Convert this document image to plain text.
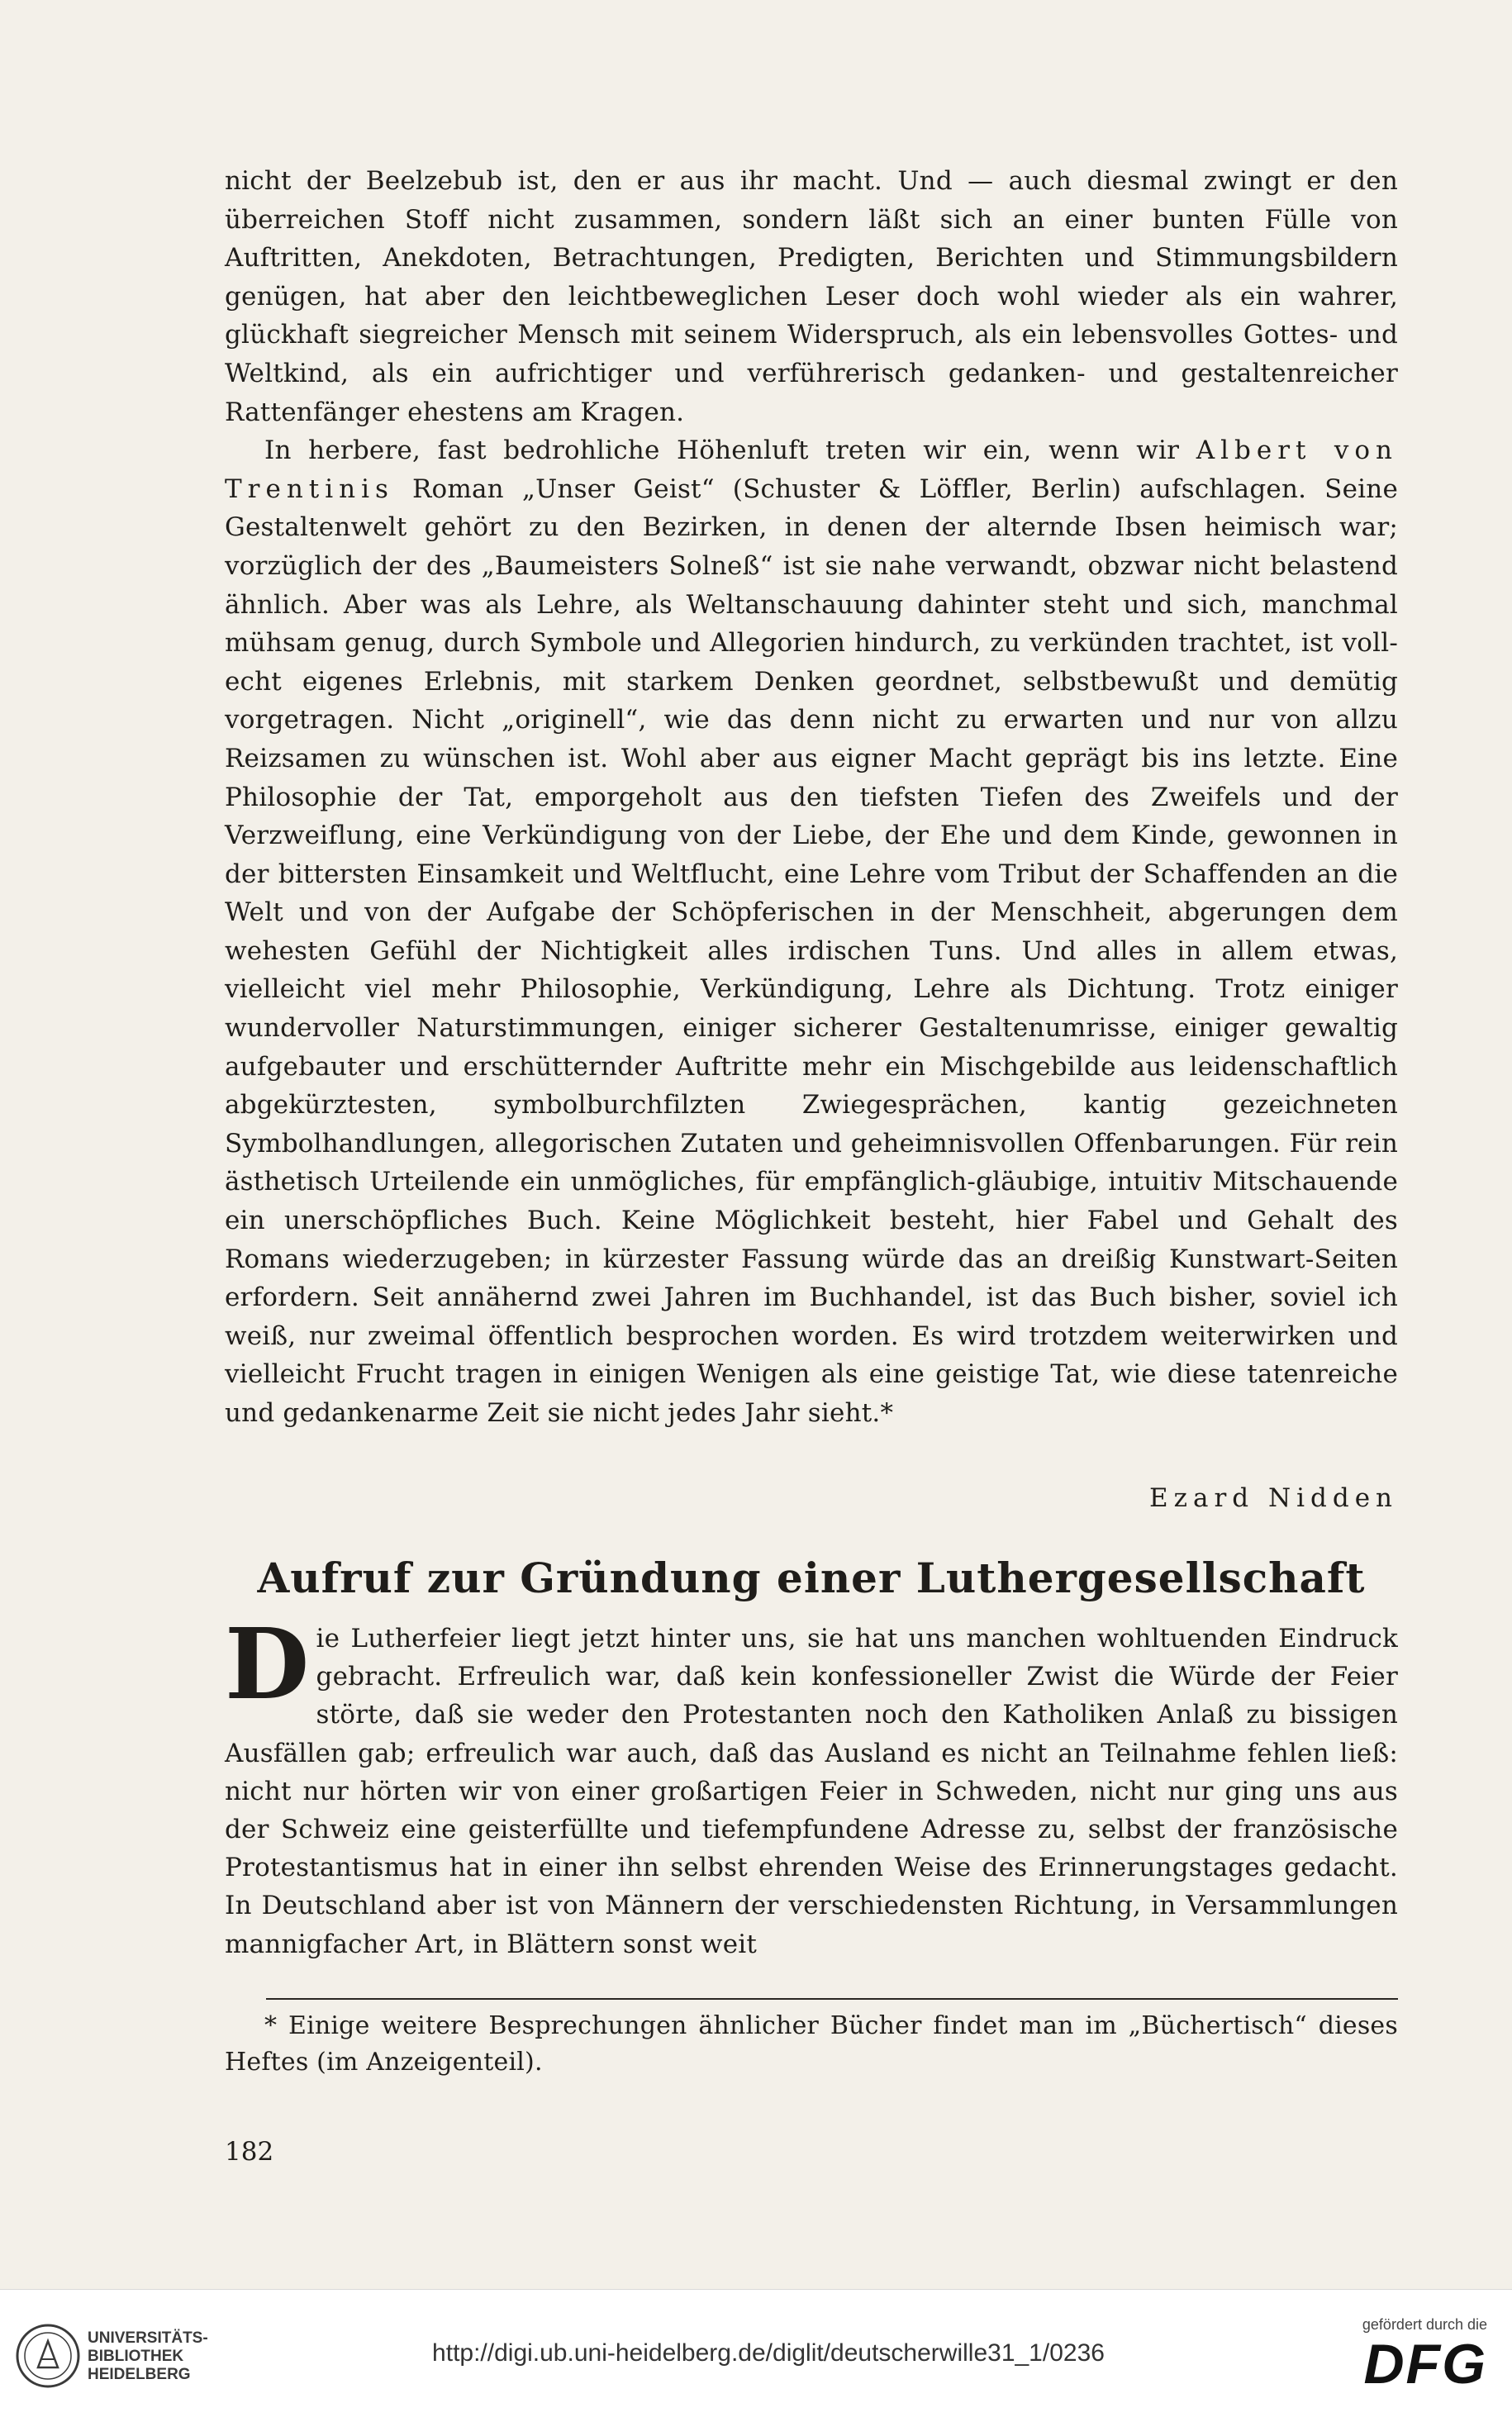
nicht der Beelzebub ist, den er aus ihr macht. Und — auch diesmal zwingt er den überreichen Stoff nicht zusammen, sondern läßt sich an einer bunten Fülle von Auftritten, Anekdoten, Betrachtungen, Predigten, Berichten und Stimmungsbildern genügen, hat aber den leichtbeweglichen Leser doch wohl wieder als ein wahrer, glückhaft siegreicher Mensch mit seinem Widerspruch, als ein lebensvolles Gottes- und Weltkind, als ein aufrichtiger und verführerisch gedanken- und gestaltenreicher Rattenfänger ehestens am Kragen.

In herbere, fast bedrohliche Höhenluft treten wir ein, wenn wir Albert von Trentinis Roman „Unser Geist“ (Schuster & Löffler, Berlin) aufschlagen. Seine Gestaltenwelt gehört zu den Bezirken, in denen der alternde Ibsen heimisch war; vorzüglich der des „Baumeisters Solneß“ ist sie nahe verwandt, obzwar nicht belastend ähnlich. Aber was als Lehre, als Weltanschauung dahinter steht und sich, manchmal mühsam genug, durch Symbole und Allegorien hindurch, zu verkünden trachtet, ist voll-echt eigenes Erlebnis, mit starkem Denken geordnet, selbstbewußt und demütig vorgetragen. Nicht „originell“, wie das denn nicht zu erwarten und nur von allzu Reizsamen zu wünschen ist. Wohl aber aus eigner Macht geprägt bis ins letzte. Eine Philosophie der Tat, emporgeholt aus den tiefsten Tiefen des Zweifels und der Verzweiflung, eine Verkündigung von der Liebe, der Ehe und dem Kinde, gewonnen in der bittersten Einsamkeit und Weltflucht, eine Lehre vom Tribut der Schaffenden an die Welt und von der Aufgabe der Schöpferischen in der Menschheit, abgerungen dem wehesten Gefühl der Nichtigkeit alles irdischen Tuns. Und alles in allem etwas, vielleicht viel mehr Philosophie, Verkündigung, Lehre als Dichtung. Trotz einiger wundervoller Naturstimmungen, einiger sicherer Gestaltenumrisse, einiger gewaltig aufgebauter und erschütternder Auftritte mehr ein Mischgebilde aus leidenschaftlich abgekürztesten, symbolburchfilzten Zwiegesprächen, kantig gezeichneten Symbolhandlungen, allegorischen Zutaten und geheimnisvollen Offenbarungen. Für rein ästhetisch Urteilende ein unmögliches, für empfänglich-gläubige, intuitiv Mitschauende ein unerschöpfliches Buch. Keine Möglichkeit besteht, hier Fabel und Gehalt des Romans wiederzugeben; in kürzester Fassung würde das an dreißig Kunstwart-Seiten erfordern. Seit annähernd zwei Jahren im Buchhandel, ist das Buch bisher, soviel ich weiß, nur zweimal öffentlich besprochen worden. Es wird trotzdem weiterwirken und vielleicht Frucht tragen in einigen Wenigen als eine geistige Tat, wie diese tatenreiche und gedankenarme Zeit sie nicht jedes Jahr sieht.*

Ezard Nidden
Aufruf zur Gründung einer Luthergesellschaft

Die Lutherfeier liegt jetzt hinter uns, sie hat uns manchen wohltuenden Eindruck gebracht. Erfreulich war, daß kein konfessioneller Zwist die Würde der Feier störte, daß sie weder den Protestanten noch den Katholiken Anlaß zu bissigen Ausfällen gab; erfreulich war auch, daß das Ausland es nicht an Teilnahme fehlen ließ: nicht nur hörten wir von einer großartigen Feier in Schweden, nicht nur ging uns aus der Schweiz eine geisterfüllte und tiefempfundene Adresse zu, selbst der französische Protestantismus hat in einer ihn selbst ehrenden Weise des Erinnerungstages gedacht. In Deutschland aber ist von Männern der verschiedensten Richtung, in Versammlungen mannigfacher Art, in Blättern sonst weit

* Einige weitere Besprechungen ähnlicher Bücher findet man im „Büchertisch“ dieses Heftes (im Anzeigenteil).

182
UNIVERSITÄTS-
BIBLIOTHEK
HEIDELBERG
http://digi.ub.uni-heidelberg.de/diglit/deutscherwille31_1/0236
gefördert durch die
DFG
